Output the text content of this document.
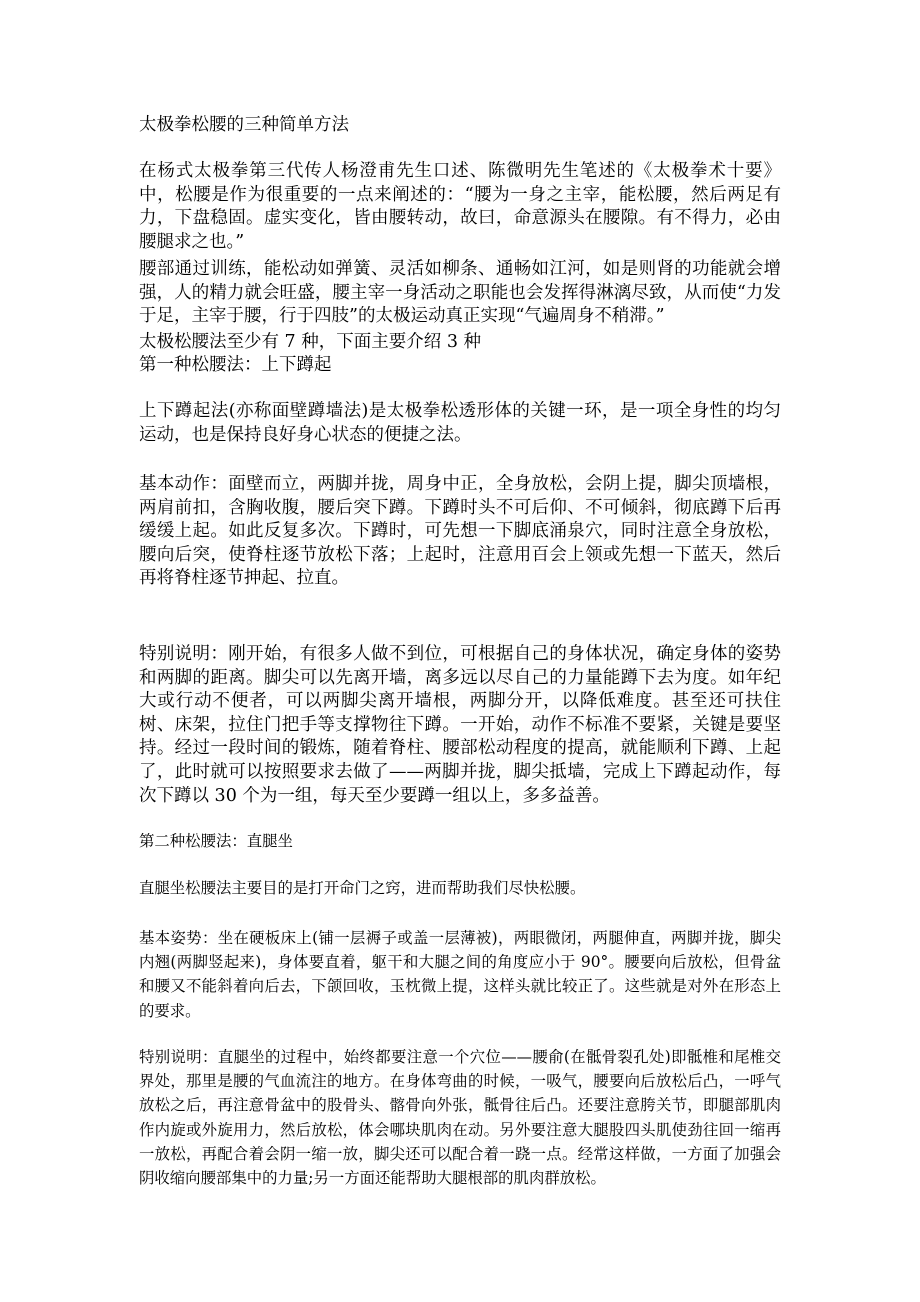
太极拳松腰的三种简单方法

在杨式太极拳第三代传人杨澄甫先生口述、陈微明先生笔述的《太极拳术十要》中，松腰是作为很重要的一点来阐述的：“腰为一身之主宰，能松腰，然后两足有力，下盘稳固。虚实变化，皆由腰转动，故曰，命意源头在腰隙。有不得力，必由腰腿求之也。”

腰部通过训练，能松动如弹簧、灵活如柳条、通畅如江河，如是则肾的功能就会增强，人的精力就会旺盛，腰主宰一身活动之职能也会发挥得淋漓尽致，从而使“力发于足，主宰于腰，行于四肢”的太极运动真正实现“气遍周身不稍滞。”

太极松腰法至少有 7 种，下面主要介绍 3 种

第一种松腰法：上下蹲起

上下蹲起法(亦称面壁蹲墙法)是太极拳松透形体的关键一环，是一项全身性的均匀运动，也是保持良好身心状态的便捷之法。

基本动作：面壁而立，两脚并拢，周身中正，全身放松，会阴上提，脚尖顶墙根，两肩前扣，含胸收腹，腰后突下蹲。下蹲时头不可后仰、不可倾斜，彻底蹲下后再缓缓上起。如此反复多次。下蹲时，可先想一下脚底涌泉穴，同时注意全身放松，腰向后突，使脊柱逐节放松下落；上起时，注意用百会上领或先想一下蓝天，然后再将脊柱逐节抻起、拉直。

特别说明：刚开始，有很多人做不到位，可根据自己的身体状况，确定身体的姿势和两脚的距离。脚尖可以先离开墙，离多远以尽自己的力量能蹲下去为度。如年纪大或行动不便者，可以两脚尖离开墙根，两脚分开，以降低难度。甚至还可扶住树、床架，拉住门把手等支撑物往下蹲。一开始，动作不标准不要紧，关键是要坚持。经过一段时间的锻炼，随着脊柱、腰部松动程度的提高，就能顺利下蹲、上起了，此时就可以按照要求去做了——两脚并拢，脚尖抵墙，完成上下蹲起动作，每次下蹲以 30 个为一组，每天至少要蹲一组以上，多多益善。

第二种松腰法：直腿坐

直腿坐松腰法主要目的是打开命门之窍，进而帮助我们尽快松腰。

基本姿势：坐在硬板床上(铺一层褥子或盖一层薄被)，两眼微闭，两腿伸直，两脚并拢，脚尖内翘(两脚竖起来)，身体要直着，躯干和大腿之间的角度应小于 90°。腰要向后放松，但骨盆和腰又不能斜着向后去，下颌回收，玉枕微上提，这样头就比较正了。这些就是对外在形态上的要求。

特别说明：直腿坐的过程中，始终都要注意一个穴位——腰俞(在骶骨裂孔处)即骶椎和尾椎交界处，那里是腰的气血流注的地方。在身体弯曲的时候，一吸气，腰要向后放松后凸，一呼气放松之后，再注意骨盆中的股骨头、髂骨向外张，骶骨往后凸。还要注意胯关节，即腿部肌肉作内旋或外旋用力，然后放松，体会哪块肌肉在动。另外要注意大腿股四头肌使劲往回一缩再一放松，再配合着会阴一缩一放，脚尖还可以配合着一跷一点。经常这样做，一方面了加强会阴收缩向腰部集中的力量;另一方面还能帮助大腿根部的肌肉群放松。
